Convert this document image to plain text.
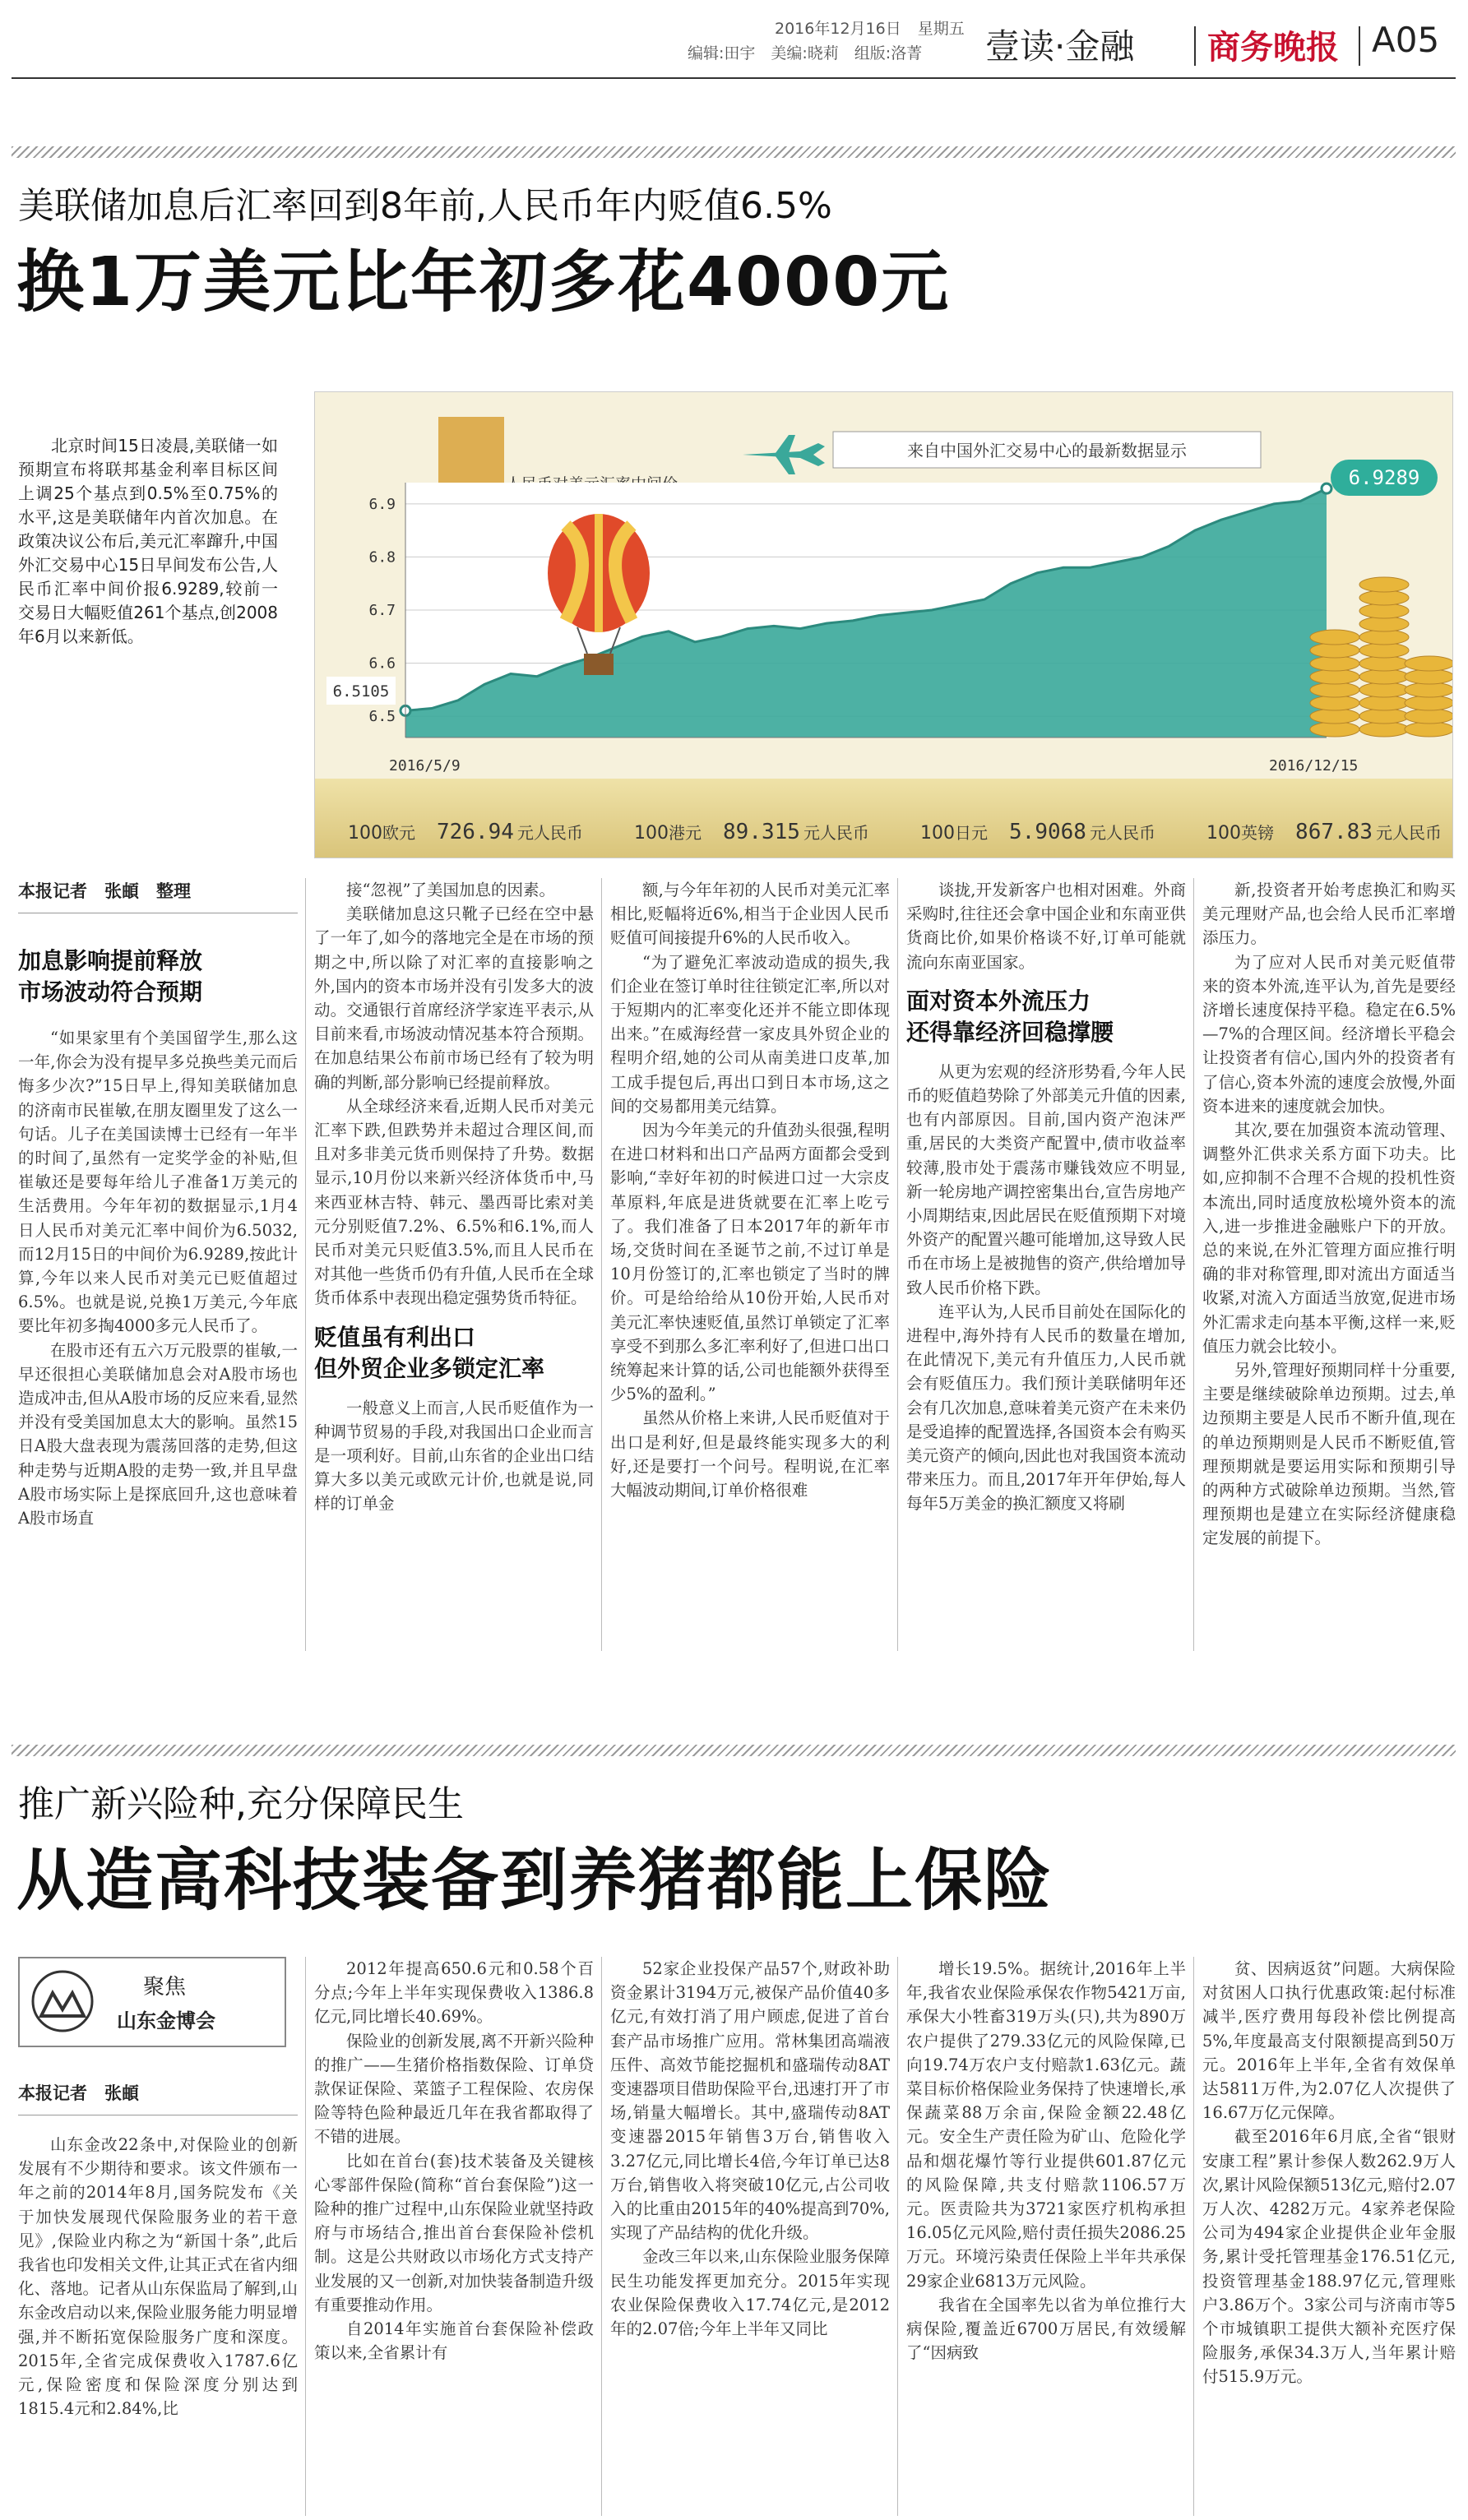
2016年12月16日 星期五
编辑:田宇　美编:晓莉　组版:洛菁	壹读·金融	商务晚报 A05
美联储加息后汇率回到8年前,人民币年内贬值6.5%
换1万美元比年初多花4000元
北京时间15日凌晨,美联储一如预期宣布将联邦基金利率目标区间上调25个基点到0.5%至0.75%的水平,这是美联储年内首次加息。在政策决议公布后,美元汇率蹿升,中国外汇交易中心15日早间发布公告,人民币汇率中间价报6.9289,较前一交易日大幅贬值261个基点,创2008年6月以来新低。
来自中国外汇交易中心的最新数据显示
6.5
6.6
6.7
6.8
6.9
6.9289
6.5105
2016/5/9	2016/12/15
100欧元 726.94 元人民币	100港元 89.315 元人民币	100日元 5.9068 元人民币	100英镑 867.83 元人民币
本报记者　张頔　整理
加息影响提前释放
市场波动符合预期

“如果家里有个美国留学生,那么这一年,你会为没有提早多兑换些美元而后悔多少次?”15日早上,得知美联储加息的济南市民崔敏,在朋友圈里发了这么一句话。儿子在美国读博士已经有一年半的时间了,虽然有一定奖学金的补贴,但崔敏还是要每年给儿子准备1万美元的生活费用。今年年初的数据显示,1月4日人民币对美元汇率中间价为6.5032,而12月15日的中间价为6.9289,按此计算,今年以来人民币对美元已贬值超过6.5%。也就是说,兑换1万美元,今年底要比年初多掏4000多元人民币了。

在股市还有五六万元股票的崔敏,一早还很担心美联储加息会对A股市场也造成冲击,但从A股市场的反应来看,显然并没有受美国加息太大的影响。虽然15日A股大盘表现为震荡回落的走势,但这种走势与近期A股的走势一致,并且早盘A股市场实际上是探底回升,这也意味着A股市场直

接“忽视”了美国加息的因素。

美联储加息这只靴子已经在空中悬了一年了,如今的落地完全是在市场的预期之中,所以除了对汇率的直接影响之外,国内的资本市场并没有引发多大的波动。交通银行首席经济学家连平表示,从目前来看,市场波动情况基本符合预期。在加息结果公布前市场已经有了较为明确的判断,部分影响已经提前释放。

从全球经济来看,近期人民币对美元汇率下跌,但跌势并未超过合理区间,而且对多非美元货币则保持了升势。数据显示,10月份以来新兴经济体货币中,马来西亚林吉特、韩元、墨西哥比索对美元分别贬值7.2%、6.5%和6.1%,而人民币对美元只贬值3.5%,而且人民币在对其他一些货币仍有升值,人民币在全球货币体系中表现出稳定强势货币特征。

贬值虽有利出口
但外贸企业多锁定汇率

一般意义上而言,人民币贬值作为一种调节贸易的手段,对我国出口企业而言是一项利好。目前,山东省的企业出口结算大多以美元或欧元计价,也就是说,同样的订单金

额,与今年年初的人民币对美元汇率相比,贬幅将近6%,相当于企业因人民币贬值可间接提升6%的人民币收入。

“为了避免汇率波动造成的损失,我们企业在签订单时往往锁定汇率,所以对于短期内的汇率变化还并不能立即体现出来。”在威海经营一家皮具外贸企业的程明介绍,她的公司从南美进口皮革,加工成手提包后,再出口到日本市场,这之间的交易都用美元结算。

因为今年美元的升值劲头很强,程明在进口材料和出口产品两方面都会受到影响,“幸好年初的时候进口过一大宗皮革原料,年底是进货就要在汇率上吃亏了。我们准备了日本2017年的新年市场,交货时间在圣诞节之前,不过订单是10月份签订的,汇率也锁定了当时的牌价。可是给给给从10份开始,人民币对美元汇率快速贬值,虽然订单锁定了汇率享受不到那么多汇率利好了,但进口出口统筹起来计算的话,公司也能额外获得至少5%的盈利。”

虽然从价格上来讲,人民币贬值对于出口是利好,但是最终能实现多大的利好,还是要打一个问号。程明说,在汇率大幅波动期间,订单价格很难

谈拢,开发新客户也相对困难。外商采购时,往往还会拿中国企业和东南亚供货商比价,如果价格谈不好,订单可能就流向东南亚国家。

面对资本外流压力
还得靠经济回稳撑腰

从更为宏观的经济形势看,今年人民币的贬值趋势除了外部美元升值的因素,也有内部原因。目前,国内资产泡沫严重,居民的大类资产配置中,债市收益率较薄,股市处于震荡市赚钱效应不明显,新一轮房地产调控密集出台,宣告房地产小周期结束,因此居民在贬值预期下对境外资产的配置兴趣可能增加,这导致人民币在市场上是被抛售的资产,供给增加导致人民币价格下跌。

连平认为,人民币目前处在国际化的进程中,海外持有人民币的数量在增加,在此情况下,美元有升值压力,人民币就会有贬值压力。我们预计美联储明年还会有几次加息,意味着美元资产在未来仍是受追捧的配置选择,各国资本会有购买美元资产的倾向,因此也对我国资本流动带来压力。而且,2017年开年伊始,每人每年5万美金的换汇额度又将刷

新,投资者开始考虑换汇和购买美元理财产品,也会给人民币汇率增添压力。

为了应对人民币对美元贬值带来的资本外流,连平认为,首先是要经济增长速度保持平稳。稳定在6.5%—7%的合理区间。经济增长平稳会让投资者有信心,国内外的投资者有了信心,资本外流的速度会放慢,外面资本进来的速度就会加快。

其次,要在加强资本流动管理、调整外汇供求关系方面下功夫。比如,应抑制不合理不合规的投机性资本流出,同时适度放松境外资本的流入,进一步推进金融账户下的开放。总的来说,在外汇管理方面应推行明确的非对称管理,即对流出方面适当收紧,对流入方面适当放宽,促进市场外汇需求走向基本平衡,这样一来,贬值压力就会比较小。

另外,管理好预期同样十分重要,主要是继续破除单边预期。过去,单边预期主要是人民币不断升值,现在的单边预期则是人民币不断贬值,管理预期就是要运用实际和预期引导的两种方式破除单边预期。当然,管理预期也是建立在实际经济健康稳定发展的前提下。

推广新兴险种,充分保障民生
从造高科技装备到养猪都能上保险
聚焦
山东金博会
本报记者　张頔

山东金改22条中,对保险业的创新发展有不少期待和要求。该文件颁布一年之前的2014年8月,国务院发布《关于加快发展现代保险服务业的若干意见》,保险业内称之为“新国十条”,此后我省也印发相关文件,让其正式在省内细化、落地。记者从山东保监局了解到,山东金改启动以来,保险业服务能力明显增强,并不断拓宽保险服务广度和深度。2015年,全省完成保费收入1787.6亿元,保险密度和保险深度分别达到1815.4元和2.84%,比

2012年提高650.6元和0.58个百分点;今年上半年实现保费收入1386.8亿元,同比增长40.69%。

保险业的创新发展,离不开新兴险种的推广——生猪价格指数保险、订单贷款保证保险、菜篮子工程保险、农房保险等特色险种最近几年在我省都取得了不错的进展。

比如在首台(套)技术装备及关键核心零部件保险(简称“首台套保险”)这一险种的推广过程中,山东保险业就坚持政府与市场结合,推出首台套保险补偿机制。这是公共财政以市场化方式支持产业发展的又一创新,对加快装备制造升级有重要推动作用。

自2014年实施首台套保险补偿政策以来,全省累计有

52家企业投保产品57个,财政补助资金累计3194万元,被保产品价值40多亿元,有效打消了用户顾虑,促进了首台套产品市场推广应用。常林集团高端液压件、高效节能挖掘机和盛瑞传动8AT变速器项目借助保险平台,迅速打开了市场,销量大幅增长。其中,盛瑞传动8AT变速器2015年销售3万台,销售收入3.27亿元,同比增长4倍,今年订单已达8万台,销售收入将突破10亿元,占公司收入的比重由2015年的40%提高到70%,实现了产品结构的优化升级。

金改三年以来,山东保险业服务保障民生功能发挥更加充分。2015年实现农业保险保费收入17.74亿元,是2012年的2.07倍;今年上半年又同比

增长19.5%。据统计,2016年上半年,我省农业保险承保农作物5421万亩,承保大小牲畜319万头(只),共为890万农户提供了279.33亿元的风险保障,已向19.74万农户支付赔款1.63亿元。蔬菜目标价格保险业务保持了快速增长,承保蔬菜88万余亩,保险金额22.48亿元。安全生产责任险为矿山、危险化学品和烟花爆竹等行业提供601.87亿元的风险保障,共支付赔款1106.57万元。医责险共为3721家医疗机构承担16.05亿元风险,赔付责任损失2086.25万元。环境污染责任保险上半年共承保29家企业6813万元风险。

我省在全国率先以省为单位推行大病保险,覆盖近6700万居民,有效缓解了“因病致

贫、因病返贫”问题。大病保险对贫困人口执行优惠政策:起付标准减半,医疗费用每段补偿比例提高5%,年度最高支付限额提高到50万元。2016年上半年,全省有效保单达5811万件,为2.07亿人次提供了16.67万亿元保障。

截至2016年6月底,全省“银财安康工程”累计参保人数262.9万人次,累计风险保额513亿元,赔付2.07万人次、4282万元。4家养老保险公司为494家企业提供企业年金服务,累计受托管理基金176.51亿元,投资管理基金188.97亿元,管理账户3.86万个。3家公司与济南市等5个市城镇职工提供大额补充医疗保险服务,承保34.3万人,当年累计赔付515.9万元。
